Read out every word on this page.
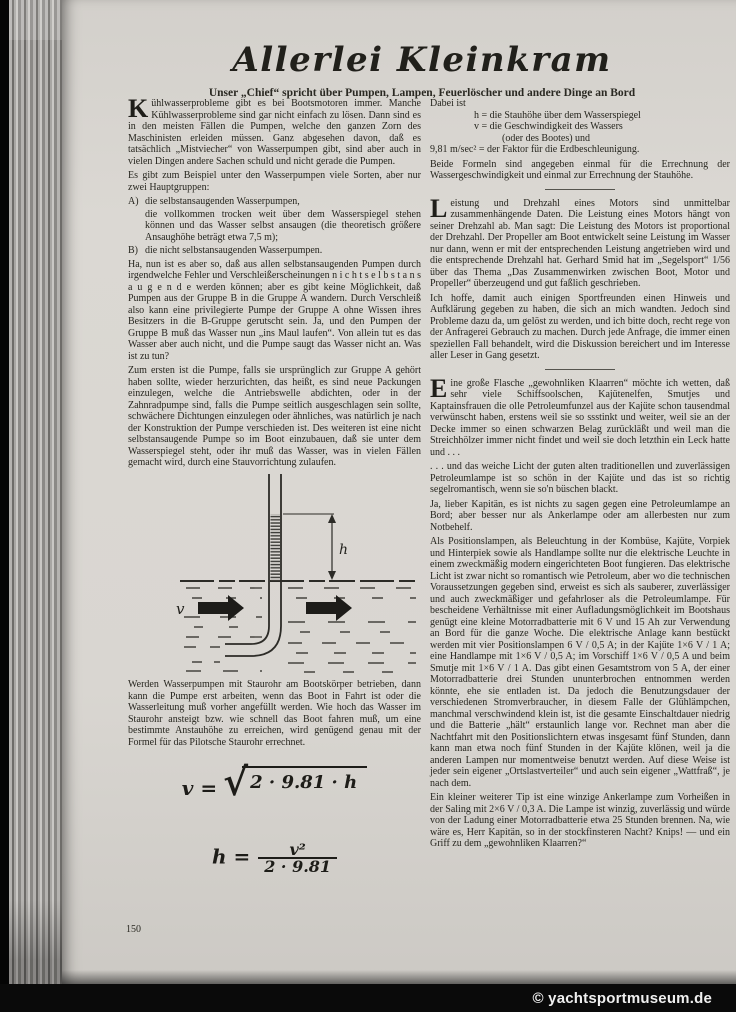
Allerlei Kleinkram
Unser „Chief“ spricht über Pumpen, Lampen, Feuerlöscher und andere Dinge an Bord

Kühlwasserprobleme gibt es bei Bootsmotoren immer. Manche Kühlwasserprobleme sind gar nicht einfach zu lösen. Dann sind es in den meisten Fällen die Pumpen, welche den ganzen Zorn des Maschinisten erleiden müssen. Ganz abgesehen davon, daß es tatsächlich „Mistviecher“ von Wasserpumpen gibt, sind aber auch in vielen Dingen andere Sachen schuld und nicht gerade die Pumpen.

Es gibt zum Beispiel unter den Wasserpumpen viele Sorten, aber nur zwei Hauptgruppen:

A) die selbstansaugenden Wasserpumpen,
die vollkommen trocken weit über dem Wasserspiegel stehen können und das Wasser selbst ansaugen (die theoretisch größere Ansaughöhe beträgt etwa 7,5 m);
B) die nicht selbstansaugenden Wasserpumpen.

Ha, nun ist es aber so, daß aus allen selbstansaugenden Pumpen durch irgendwelche Fehler und Verschleißerscheinungen n i c h t s e l b s t a n s a u g e n d e werden können; aber es gibt keine Möglichkeit, daß Pumpen aus der Gruppe B in die Gruppe A wandern. Durch Verschleiß also kann eine privilegierte Pumpe der Gruppe A ohne Wissen ihres Besitzers in die B-Gruppe gerutscht sein. Ja, und den Pumpen der Gruppe B muß das Wasser nun „ins Maul laufen“. Von allein tut es das Wasser aber auch nicht, und die Pumpe saugt das Wasser nicht an. Was ist zu tun?

Zum ersten ist die Pumpe, falls sie ursprünglich zur Gruppe A gehört haben sollte, wieder herzurichten, das heißt, es sind neue Packungen einzulegen, welche die Antriebswelle abdichten, oder in der Zahnradpumpe sind, falls die Pumpe seitlich ausgeschlagen sein sollte, schwächere Dichtungen einzulegen oder ähnliches, was natürlich je nach der Konstruktion der Pumpe verschieden ist. Des weiteren ist eine nicht selbstansaugende Pumpe so im Boot einzubauen, daß sie unter dem Wasserspiegel steht, oder ihr muß das Wasser, was in vielen Fällen gemacht wird, durch eine Stauvorrichtung zulaufen.

h
v

Werden Wasserpumpen mit Staurohr am Bootskörper betrieben, dann kann die Pumpe erst arbeiten, wenn das Boot in Fahrt ist oder die Wasserleitung muß vorher angefüllt werden. Wie hoch das Wasser im Staurohr ansteigt bzw. wie schnell das Boot fahren muß, um eine bestimmte Anstauhöhe zu erreichen, wird genügend genau mit der Formel für das Pilotsche Staurohr errechnet.

v = √ 2 · 9.81 · h
$h = \frac{\text{v²}}{2 \cdot 9.81}$
Dabei ist
h = die Stauhöhe über dem Wasserspiegel
v = die Geschwindigkeit des Wassers
(oder des Bootes) und
9,81 m/sec² = der Faktor für die Erdbeschleunigung.

Beide Formeln sind angegeben einmal für die Errechnung der Wassergeschwindigkeit und einmal zur Errechnung der Stauhöhe.

Leistung und Drehzahl eines Motors sind unmittelbar zusammenhängende Daten. Die Leistung eines Motors hängt von seiner Drehzahl ab. Man sagt: Die Leistung des Motors ist proportional der Drehzahl. Der Propeller am Boot entwickelt seine Leistung im Wasser nur dann, wenn er mit der entsprechenden Leistung angetrieben wird und die entsprechende Drehzahl hat. Gerhard Smid hat im „Segelsport“ 1/56 über das Thema „Das Zusammenwirken zwischen Boot, Motor und Propeller“ überzeugend und gut faßlich geschrieben.

Ich hoffe, damit auch einigen Sportfreunden einen Hinweis und Aufklärung gegeben zu haben, die sich an mich wandten. Jedoch sind Probleme dazu da, um gelöst zu werden, und ich bitte doch, recht rege von der Anfragerei Gebrauch zu machen. Durch jede Anfrage, die immer einen speziellen Fall behandelt, wird die Diskussion bereichert und im Interesse aller Leser in Gang gesetzt.

Eine große Flasche „gewohnliken Klaarren“ möchte ich wetten, daß sehr viele Schiffsoolschen, Kajütenelfen, Smutjes und Kaptainsfrauen die olle Petroleumfunzel aus der Kajüte schon tausendmal verwünscht haben, erstens weil sie so ssstinkt und weiter, weil sie an der Decke immer so einen schwarzen Belag zurückläßt und weil man die Streichhölzer immer nicht findet und weil sie doch letzthin ein Leck hatte und . . .

. . . und das weiche Licht der guten alten traditionellen und zuverlässigen Petroleumlampe ist so schön in der Kajüte und das ist so richtig segelromantisch, wenn sie so'n büschen blackt.

Ja, lieber Kapitän, es ist nichts zu sagen gegen eine Petroleumlampe an Bord; aber besser nur als Ankerlampe oder am allerbesten nur zum Notbehelf.

Als Positionslampen, als Beleuchtung in der Kombüse, Kajüte, Vorpiek und Hinterpiek sowie als Handlampe sollte nur die elektrische Leuchte in einem zweckmäßig modern eingerichteten Boot fungieren. Das elektrische Licht ist zwar nicht so romantisch wie Petroleum, aber wo die technischen Voraussetzungen gegeben sind, erweist es sich als sauberer, zuverlässiger und auch zweckmäßiger und gefahrloser als die Petroleumlampe. Für bescheidene Verhältnisse mit einer Aufladungsmöglichkeit im Bootshaus genügt eine kleine Motorradbatterie mit 6 V und 15 Ah zur Verwendung an Bord für die ganze Woche. Die elektrische Anlage kann bestückt werden mit vier Positionslampen 6 V / 0,5 A; in der Kajüte 1×6 V / 1 A; eine Handlampe mit 1×6 V / 0,5 A; im Vorschiff 1×6 V / 0,5 A und beim Smutje mit 1×6 V / 1 A. Das gibt einen Gesamtstrom von 5 A, der einer Motorradbatterie drei Stunden ununterbrochen entnommen werden könnte, ehe sie entladen ist. Da jedoch die Benutzungsdauer der verschiedenen Stromverbraucher, in diesem Falle der Glühlämpchen, manchmal verschwindend klein ist, ist die gesamte Einschaltdauer niedrig und die Batterie „hält“ erstaunlich lange vor. Rechnet man aber die Nachtfahrt mit den Positionslichtern etwas insgesamt fünf Stunden, dann kann man etwa noch fünf Stunden in der Kajüte klönen, weil ja die anderen Lampen nur momentweise benutzt werden. Auf diese Weise ist jeder sein eigener „Ortslastverteiler“ und auch sein eigener „Wattfraß“, je nach dem.

Ein kleiner weiterer Tip ist eine winzige Ankerlampe zum Vorheißen in der Saling mit 2×6 V / 0,3 A. Die Lampe ist winzig, zuverlässig und würde von der Ladung einer Motorradbatterie etwa 25 Stunden brennen. Na, wie wäre es, Herr Kapitän, so in der stockfinsteren Nacht? Knips! — und ein Griff zu dem „gewohnliken Klaarren?“

150
© yachtsportmuseum.de
